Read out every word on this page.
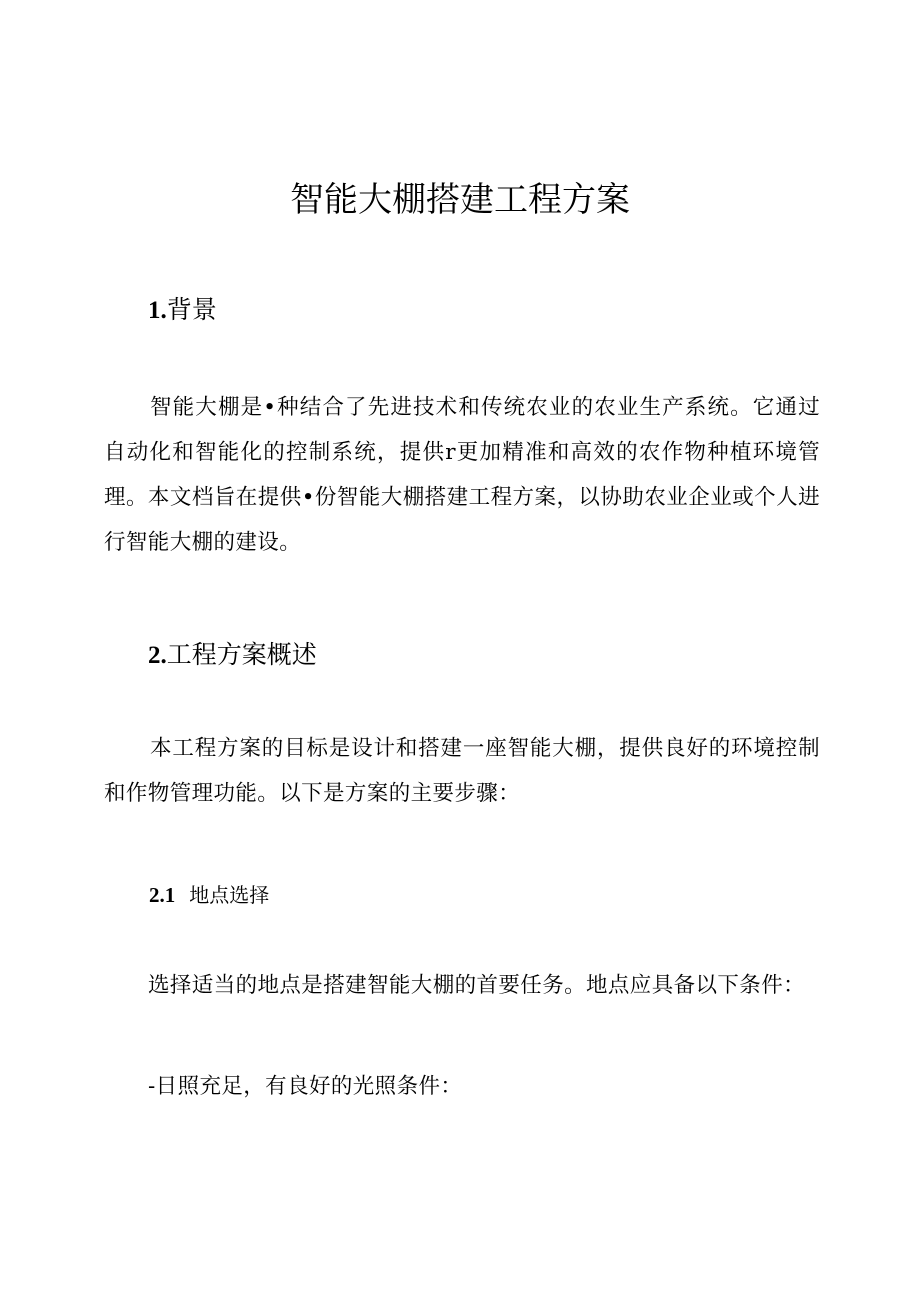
智能大棚搭建工程方案
1.背景

智能大棚是•种结合了先进技术和传统农业的农业生产系统。它通过自动化和智能化的控制系统，提供r更加精准和高效的农作物种植环境管理。本文档旨在提供•份智能大棚搭建工程方案，以协助农业企业或个人进行智能大棚的建设。

2.工程方案概述

本工程方案的目标是设计和搭建一座智能大棚，提供良好的环境控制和作物管理功能。以下是方案的主要步骤：

2.1 地点选择

选择适当的地点是搭建智能大棚的首要任务。地点应具备以下条件：

-日照充足，有良好的光照条件：
